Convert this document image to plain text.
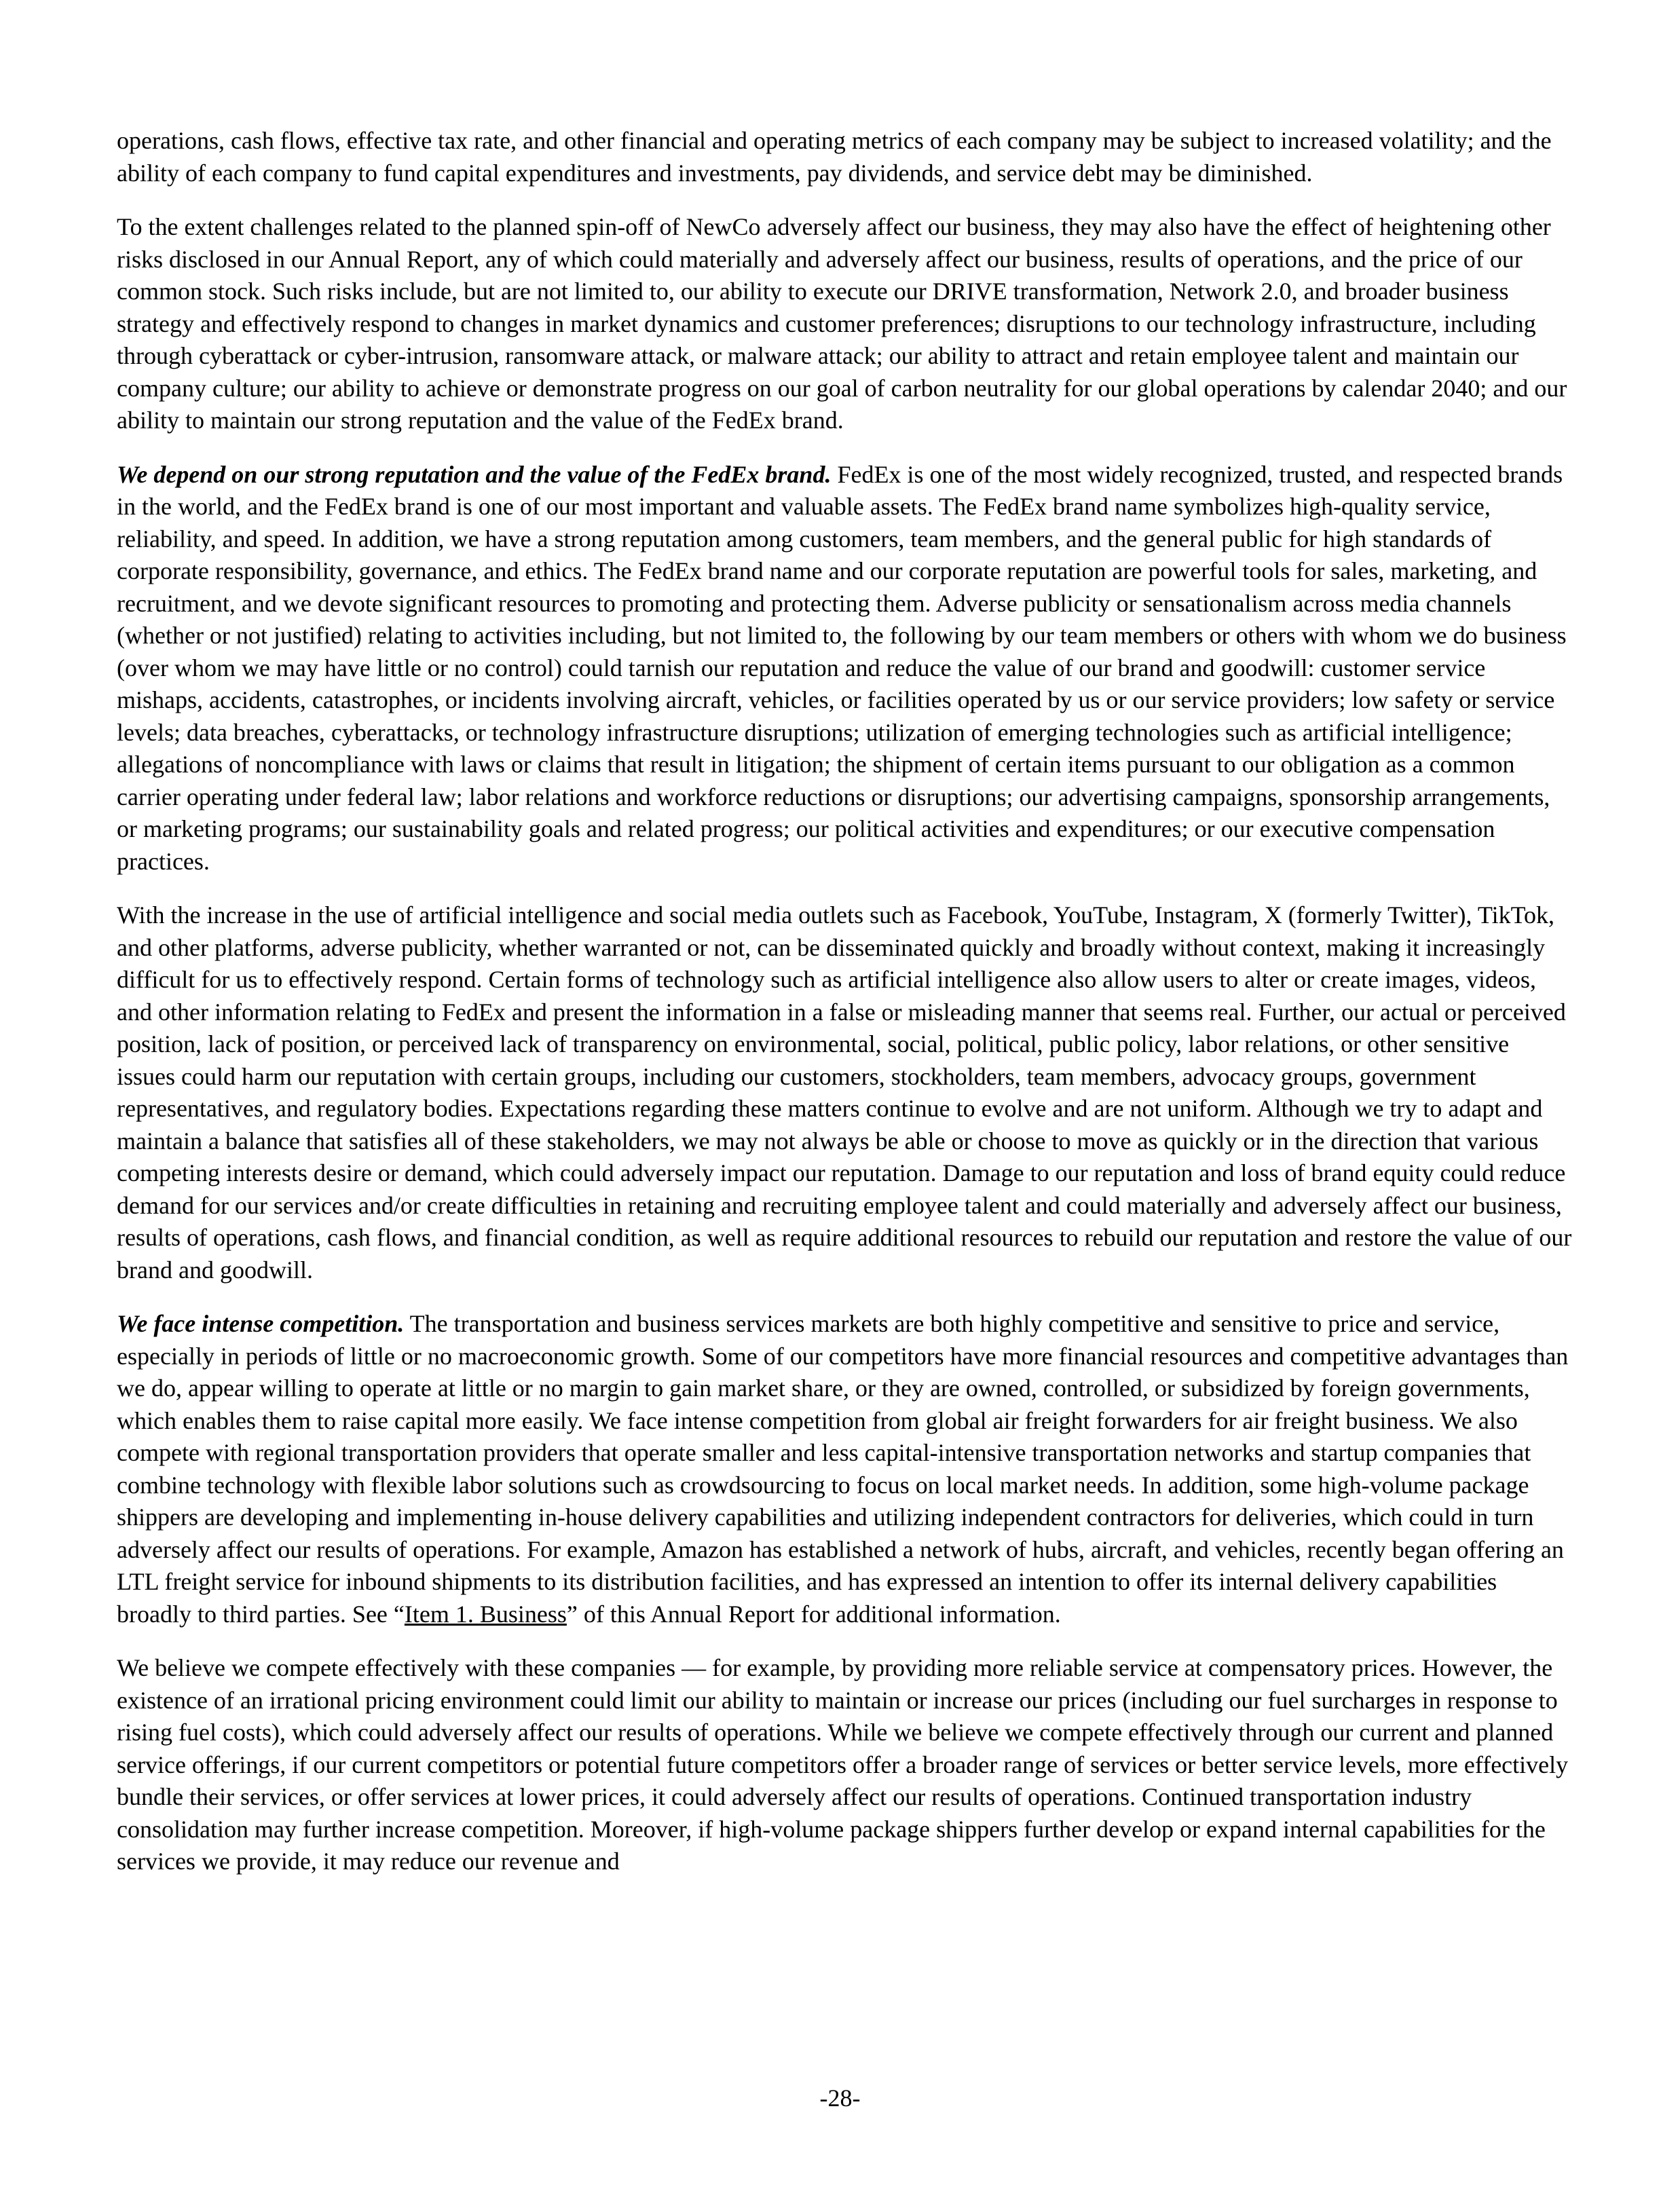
operations, cash flows, effective tax rate, and other financial and operating metrics of each company may be subject to increased volatility; and the ability of each company to fund capital expenditures and investments, pay dividends, and service debt may be diminished.

To the extent challenges related to the planned spin-off of NewCo adversely affect our business, they may also have the effect of heightening other risks disclosed in our Annual Report, any of which could materially and adversely affect our business, results of operations, and the price of our common stock. Such risks include, but are not limited to, our ability to execute our DRIVE transformation, Network 2.0, and broader business strategy and effectively respond to changes in market dynamics and customer preferences; disruptions to our technology infrastructure, including through cyberattack or cyber-intrusion, ransomware attack, or malware attack; our ability to attract and retain employee talent and maintain our company culture; our ability to achieve or demonstrate progress on our goal of carbon neutrality for our global operations by calendar 2040; and our ability to maintain our strong reputation and the value of the FedEx brand.

We depend on our strong reputation and the value of the FedEx brand. FedEx is one of the most widely recognized, trusted, and respected brands in the world, and the FedEx brand is one of our most important and valuable assets. The FedEx brand name symbolizes high-quality service, reliability, and speed. In addition, we have a strong reputation among customers, team members, and the general public for high standards of corporate responsibility, governance, and ethics. The FedEx brand name and our corporate reputation are powerful tools for sales, marketing, and recruitment, and we devote significant resources to promoting and protecting them. Adverse publicity or sensationalism across media channels (whether or not justified) relating to activities including, but not limited to, the following by our team members or others with whom we do business (over whom we may have little or no control) could tarnish our reputation and reduce the value of our brand and goodwill: customer service mishaps, accidents, catastrophes, or incidents involving aircraft, vehicles, or facilities operated by us or our service providers; low safety or service levels; data breaches, cyberattacks, or technology infrastructure disruptions; utilization of emerging technologies such as artificial intelligence; allegations of noncompliance with laws or claims that result in litigation; the shipment of certain items pursuant to our obligation as a common carrier operating under federal law; labor relations and workforce reductions or disruptions; our advertising campaigns, sponsorship arrangements, or marketing programs; our sustainability goals and related progress; our political activities and expenditures; or our executive compensation practices.

With the increase in the use of artificial intelligence and social media outlets such as Facebook, YouTube, Instagram, X (formerly Twitter), TikTok, and other platforms, adverse publicity, whether warranted or not, can be disseminated quickly and broadly without context, making it increasingly difficult for us to effectively respond. Certain forms of technology such as artificial intelligence also allow users to alter or create images, videos, and other information relating to FedEx and present the information in a false or misleading manner that seems real. Further, our actual or perceived position, lack of position, or perceived lack of transparency on environmental, social, political, public policy, labor relations, or other sensitive issues could harm our reputation with certain groups, including our customers, stockholders, team members, advocacy groups, government representatives, and regulatory bodies. Expectations regarding these matters continue to evolve and are not uniform. Although we try to adapt and maintain a balance that satisfies all of these stakeholders, we may not always be able or choose to move as quickly or in the direction that various competing interests desire or demand, which could adversely impact our reputation. Damage to our reputation and loss of brand equity could reduce demand for our services and/or create difficulties in retaining and recruiting employee talent and could materially and adversely affect our business, results of operations, cash flows, and financial condition, as well as require additional resources to rebuild our reputation and restore the value of our brand and goodwill.

We face intense competition. The transportation and business services markets are both highly competitive and sensitive to price and service, especially in periods of little or no macroeconomic growth. Some of our competitors have more financial resources and competitive advantages than we do, appear willing to operate at little or no margin to gain market share, or they are owned, controlled, or subsidized by foreign governments, which enables them to raise capital more easily. We face intense competition from global air freight forwarders for air freight business. We also compete with regional transportation providers that operate smaller and less capital-intensive transportation networks and startup companies that combine technology with flexible labor solutions such as crowdsourcing to focus on local market needs. In addition, some high-volume package shippers are developing and implementing in-house delivery capabilities and utilizing independent contractors for deliveries, which could in turn adversely affect our results of operations. For example, Amazon has established a network of hubs, aircraft, and vehicles, recently began offering an LTL freight service for inbound shipments to its distribution facilities, and has expressed an intention to offer its internal delivery capabilities broadly to third parties. See “Item 1. Business” of this Annual Report for additional information.

We believe we compete effectively with these companies — for example, by providing more reliable service at compensatory prices. However, the existence of an irrational pricing environment could limit our ability to maintain or increase our prices (including our fuel surcharges in response to rising fuel costs), which could adversely affect our results of operations. While we believe we compete effectively through our current and planned service offerings, if our current competitors or potential future competitors offer a broader range of services or better service levels, more effectively bundle their services, or offer services at lower prices, it could adversely affect our results of operations. Continued transportation industry consolidation may further increase competition. Moreover, if high-volume package shippers further develop or expand internal capabilities for the services we provide, it may reduce our revenue and

-28-
